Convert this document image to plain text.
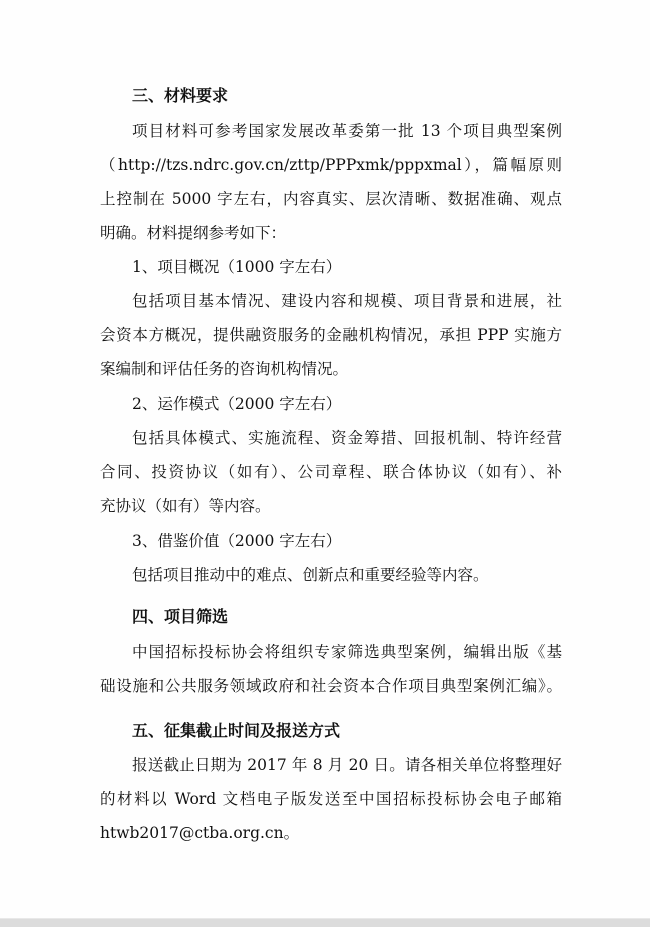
三、材料要求
项目材料可参考国家发展改革委第一批 13 个项目典型案例
（http://tzs.ndrc.gov.cn/zttp/PPPxmk/pppxmal），篇幅原则
上控制在 5000 字左右，内容真实、层次清晰、数据准确、观点
明确。材料提纲参考如下：
1、项目概况（1000 字左右）
包括项目基本情况、建设内容和规模、项目背景和进展，社
会资本方概况，提供融资服务的金融机构情况，承担 PPP 实施方
案编制和评估任务的咨询机构情况。
2、运作模式（2000 字左右）
包括具体模式、实施流程、资金筹措、回报机制、特许经营
合同、投资协议（如有）、公司章程、联合体协议（如有）、补
充协议（如有）等内容。
3、借鉴价值（2000 字左右）
包括项目推动中的难点、创新点和重要经验等内容。
四、项目筛选
中国招标投标协会将组织专家筛选典型案例，编辑出版《基
础设施和公共服务领域政府和社会资本合作项目典型案例汇编》。
五、征集截止时间及报送方式
报送截止日期为 2017 年 8 月 20 日。请各相关单位将整理好
的材料以 Word 文档电子版发送至中国招标投标协会电子邮箱
htwb2017@ctba.org.cn。
